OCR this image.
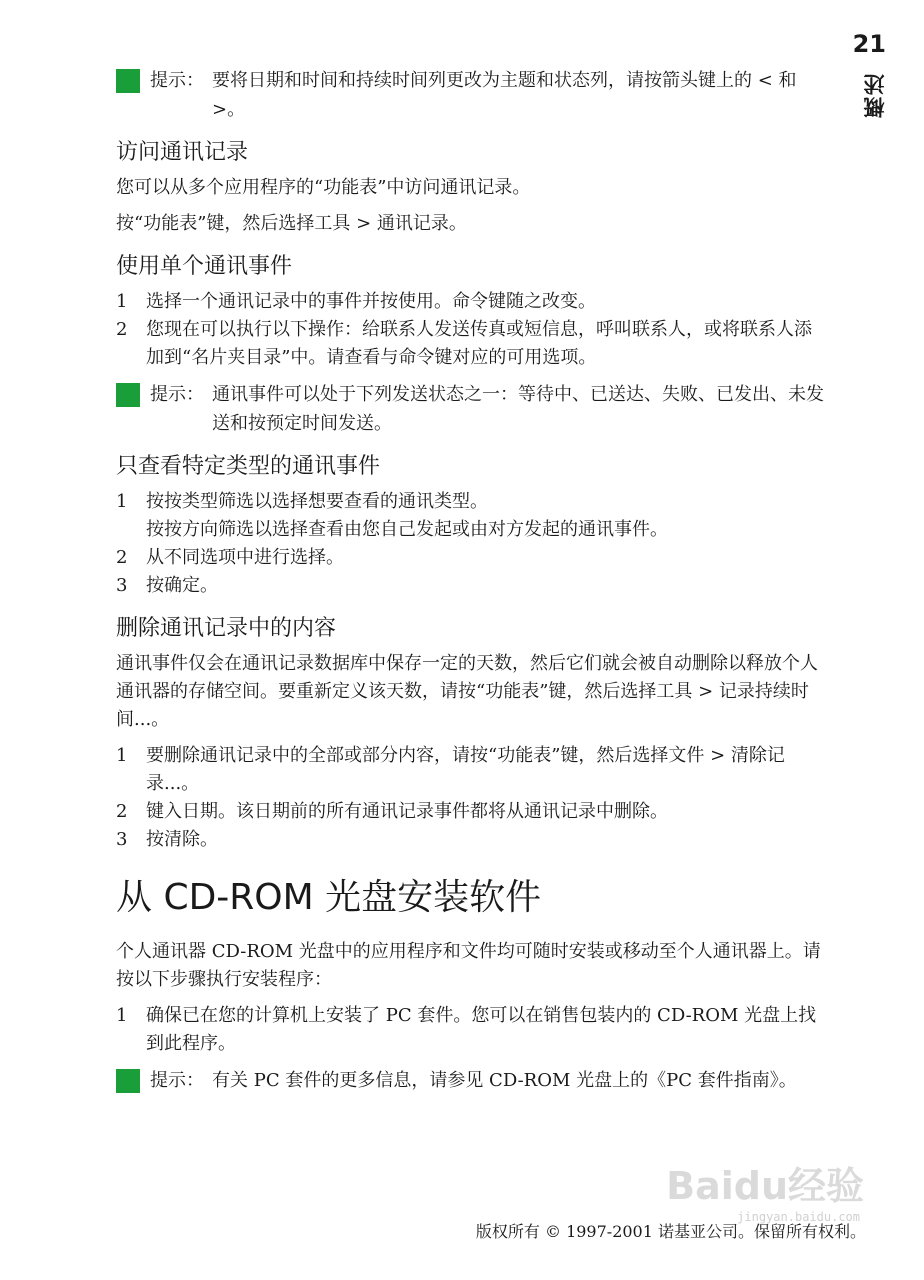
21
概述
提示： 要将日期和时间和持续时间列更改为主题和状态列，请按箭头键上的 < 和 >。
访问通讯记录

您可以从多个应用程序的“功能表”中访问通讯记录。

按“功能表”键，然后选择工具 > 通讯记录。

使用单个通讯事件
1	选择一个通讯记录中的事件并按使用。命令键随之改变。
2	您现在可以执行以下操作：给联系人发送传真或短信息，呼叫联系人，或将联系人添加到“名片夹目录”中。请查看与命令键对应的可用选项。
提示： 通讯事件可以处于下列发送状态之一：等待中、已送达、失败、已发出、未发送和按预定时间发送。
只查看特定类型的通讯事件
1	按按类型筛选以选择想要查看的通讯类型。
按按方向筛选以选择查看由您自己发起或由对方发起的通讯事件。
2	从不同选项中进行选择。
3	按确定。
删除通讯记录中的内容

通讯事件仅会在通讯记录数据库中保存一定的天数，然后它们就会被自动删除以释放个人通讯器的存储空间。要重新定义该天数，请按“功能表”键，然后选择工具 > 记录持续时间...。

1	要删除通讯记录中的全部或部分内容，请按“功能表”键，然后选择文件 > 清除记录...。
2	键入日期。该日期前的所有通讯记录事件都将从通讯记录中删除。
3	按清除。
从 CD-ROM 光盘安装软件

个人通讯器 CD-ROM 光盘中的应用程序和文件均可随时安装或移动至个人通讯器上。请按以下步骤执行安装程序：

1	确保已在您的计算机上安装了 PC 套件。您可以在销售包装内的 CD-ROM 光盘上找到此程序。
提示： 有关 PC 套件的更多信息，请参见 CD-ROM 光盘上的《PC 套件指南》。
Baidu经验
jingyan.baidu.com
版权所有 © 1997-2001 诺基亚公司。保留所有权利。
